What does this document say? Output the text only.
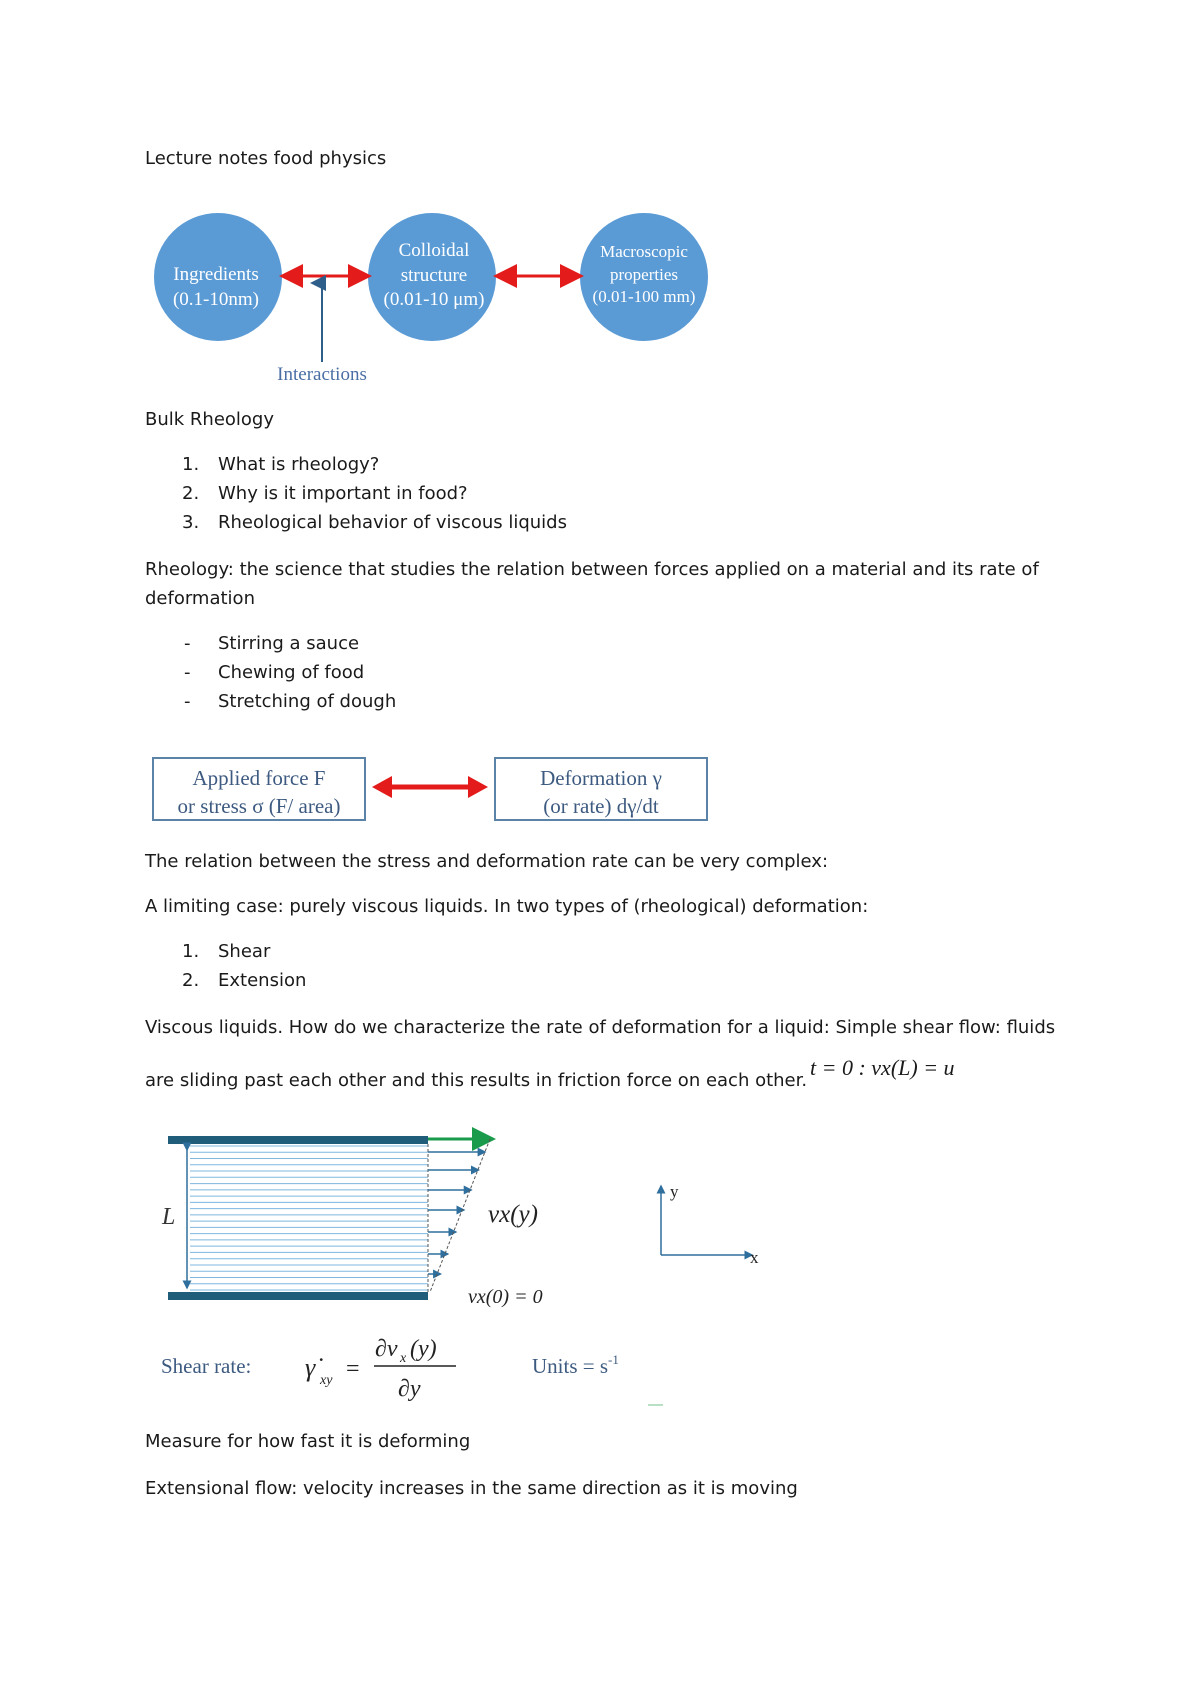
Lecture notes food physics
Ingredients
(0.1-10nm)
Colloidal
structure
(0.01-10 μm)
Macroscopic
properties
(0.01-100 mm)
Interactions
Bulk Rheology
1. What is rheology?
2. Why is it important in food?
3. Rheological behavior of viscous liquids
Rheology: the science that studies the relation between forces applied on a material and its rate of
deformation
- Stirring a sauce
- Chewing of food
- Stretching of dough
Applied force F
or stress σ (F/ area)
Deformation γ
(or rate) dγ/dt
The relation between the stress and deformation rate can be very complex:
A limiting case: purely viscous liquids. In two types of (rheological) deformation:
1. Shear
2. Extension
Viscous liquids. How do we characterize the rate of deformation for a liquid: Simple shear flow: fluids
are sliding past each other and this results in friction force on each other.
t = 0 : vx(L) = u
L	vx(y)
vx(0) = 0
y
x
Shear rate: γ̇ xy =
∂v x (y)
∂y
Units = $s^{-1}$
Measure for how fast it is deforming
Extensional flow: velocity increases in the same direction as it is moving
